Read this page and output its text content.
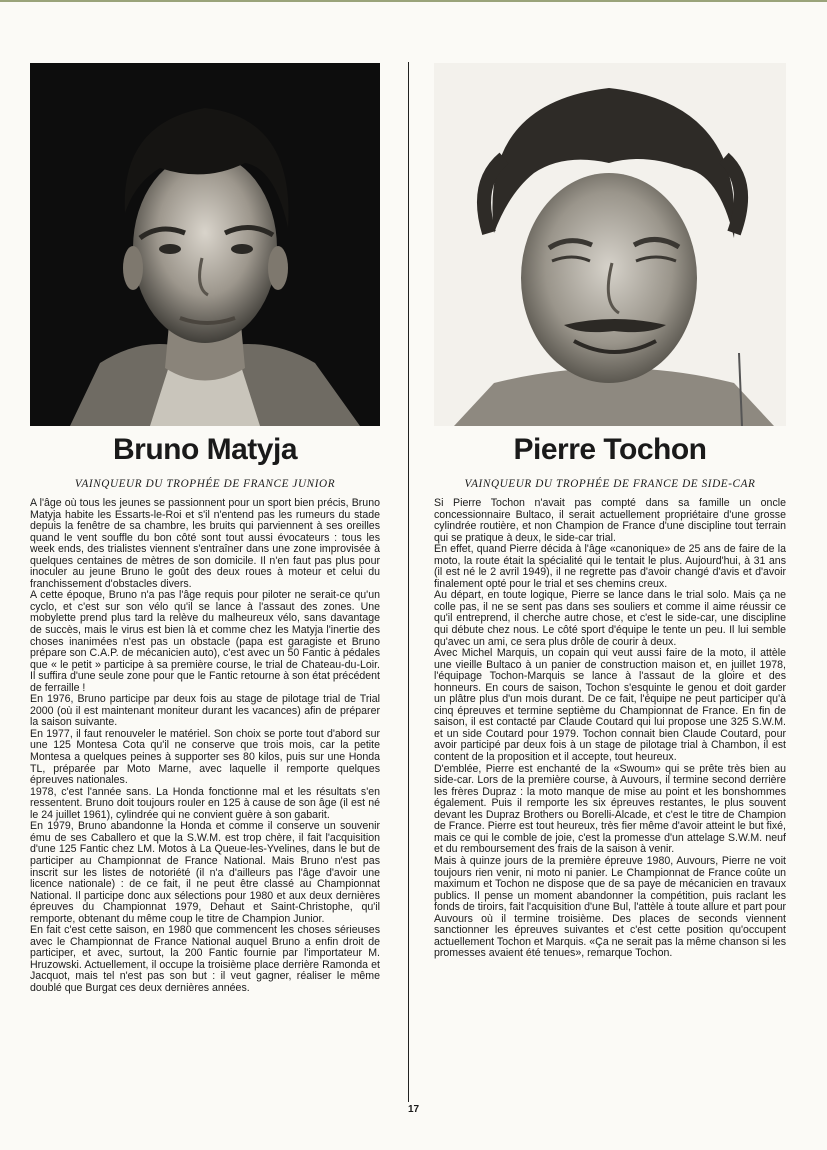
Bruno Matyja
VAINQUEUR DU TROPHÉE DE FRANCE JUNIOR

A l'âge où tous les jeunes se passionnent pour un sport bien précis, Bruno Matyja habite les Essarts-le-Roi et s'il n'entend pas les rumeurs du stade depuis la fenêtre de sa chambre, les bruits qui parviennent à ses oreilles quand le vent souffle du bon côté sont tout aussi évocateurs : tous les week ends, des trialistes viennent s'entraîner dans une zone improvisée à quelques centaines de mètres de son domicile. Il n'en faut pas plus pour inoculer au jeune Bruno le goût des deux roues à moteur et celui du franchissement d'obstacles divers.

A cette époque, Bruno n'a pas l'âge requis pour piloter ne serait-ce qu'un cyclo, et c'est sur son vélo qu'il se lance à l'assaut des zones. Une mobylette prend plus tard la relève du malheureux vélo, sans davantage de succès, mais le virus est bien là et comme chez les Matyja l'inertie des choses inanimées n'est pas un obstacle (papa est garagiste et Bruno prépare son C.A.P. de mécanicien auto), c'est avec un 50 Fantic à pédales que « le petit » participe à sa première course, le trial de Chateau-du-Loir. Il suffira d'une seule zone pour que le Fantic retourne à son état précédent de ferraille !

En 1976, Bruno participe par deux fois au stage de pilotage trial de Trial 2000 (où il est maintenant moniteur durant les vacances) afin de préparer la saison suivante.

En 1977, il faut renouveler le matériel. Son choix se porte tout d'abord sur une 125 Montesa Cota qu'il ne conserve que trois mois, car la petite Montesa a quelques peines à supporter ses 80 kilos, puis sur une Honda TL, préparée par Moto Marne, avec laquelle il remporte quelques épreuves nationales.

1978, c'est l'année sans. La Honda fonctionne mal et les résultats s'en ressentent. Bruno doit toujours rouler en 125 à cause de son âge (il est né le 24 juillet 1961), cylindrée qui ne convient guère à son gabarit.

En 1979, Bruno abandonne la Honda et comme il conserve un souvenir ému de ses Caballero et que la S.W.M. est trop chère, il fait l'acquisition d'une 125 Fantic chez LM. Motos à La Queue-les-Yvelines, dans le but de participer au Championnat de France National. Mais Bruno n'est pas inscrit sur les listes de notoriété (il n'a d'ailleurs pas l'âge d'avoir une licence nationale) : de ce fait, il ne peut être classé au Championnat National. Il participe donc aux sélections pour 1980 et aux deux dernières épreuves du Championnat 1979, Dehaut et Saint-Christophe, qu'il remporte, obtenant du même coup le titre de Champion Junior.

En fait c'est cette saison, en 1980 que commencent les choses sérieuses avec le Championnat de France National auquel Bruno a enfin droit de participer, et avec, surtout, la 200 Fantic fournie par l'importateur M. Hruzowski. Actuellement, il occupe la troisième place derrière Ramonda et Jacquot, mais tel n'est pas son but : il veut gagner, réaliser le même doublé que Burgat ces deux dernières années.

Pierre Tochon
VAINQUEUR DU TROPHÉE DE FRANCE DE SIDE-CAR

Si Pierre Tochon n'avait pas compté dans sa famille un oncle concessionnaire Bultaco, il serait actuellement propriétaire d'une grosse cylindrée routière, et non Champion de France d'une discipline tout terrain qui se pratique à deux, le side-car trial.

En effet, quand Pierre décida à l'âge «canonique» de 25 ans de faire de la moto, la route était la spécialité qui le tentait le plus. Aujourd'hui, à 31 ans (il est né le 2 avril 1949), il ne regrette pas d'avoir changé d'avis et d'avoir finalement opté pour le trial et ses chemins creux.

Au départ, en toute logique, Pierre se lance dans le trial solo. Mais ça ne colle pas, il ne se sent pas dans ses souliers et comme il aime réussir ce qu'il entreprend, il cherche autre chose, et c'est le side-car, une discipline qui débute chez nous. Le côté sport d'équipe le tente un peu. Il lui semble qu'avec un ami, ce sera plus drôle de courir à deux.

Avec Michel Marquis, un copain qui veut aussi faire de la moto, il attèle une vieille Bultaco à un panier de construction maison et, en juillet 1978, l'équipage Tochon-Marquis se lance à l'assaut de la gloire et des honneurs. En cours de saison, Tochon s'esquinte le genou et doit garder un plâtre plus d'un mois durant. De ce fait, l'équipe ne peut participer qu'à cinq épreuves et termine septième du Championnat de France. En fin de saison, il est contacté par Claude Coutard qui lui propose une 325 S.W.M. et un side Coutard pour 1979. Tochon connait bien Claude Coutard, pour avoir participé par deux fois à un stage de pilotage trial à Chambon, il est content de la proposition et il accepte, tout heureux.

D'emblée, Pierre est enchanté de la «Swoum» qui se prête très bien au side-car. Lors de la première course, à Auvours, il termine second derrière les frères Dupraz : la moto manque de mise au point et les bonshommes également. Puis il remporte les six épreuves restantes, le plus souvent devant les Dupraz Brothers ou Borelli-Alcade, et c'est le titre de Champion de France. Pierre est tout heureux, très fier même d'avoir atteint le but fixé, mais ce qui le comble de joie, c'est la promesse d'un attelage S.W.M. neuf et du remboursement des frais de la saison à venir.

Mais à quinze jours de la première épreuve 1980, Auvours, Pierre ne voit toujours rien venir, ni moto ni panier. Le Championnat de France coûte un maximum et Tochon ne dispose que de sa paye de mécanicien en travaux publics. Il pense un moment abandonner la compétition, puis raclant les fonds de tiroirs, fait l'acquisition d'une Bul, l'attèle à toute allure et part pour Auvours où il termine troisième. Des places de seconds viennent sanctionner les épreuves suivantes et c'est cette position qu'occupent actuellement Tochon et Marquis. «Ça ne serait pas la même chanson si les promesses avaient été tenues», remarque Tochon.

17
